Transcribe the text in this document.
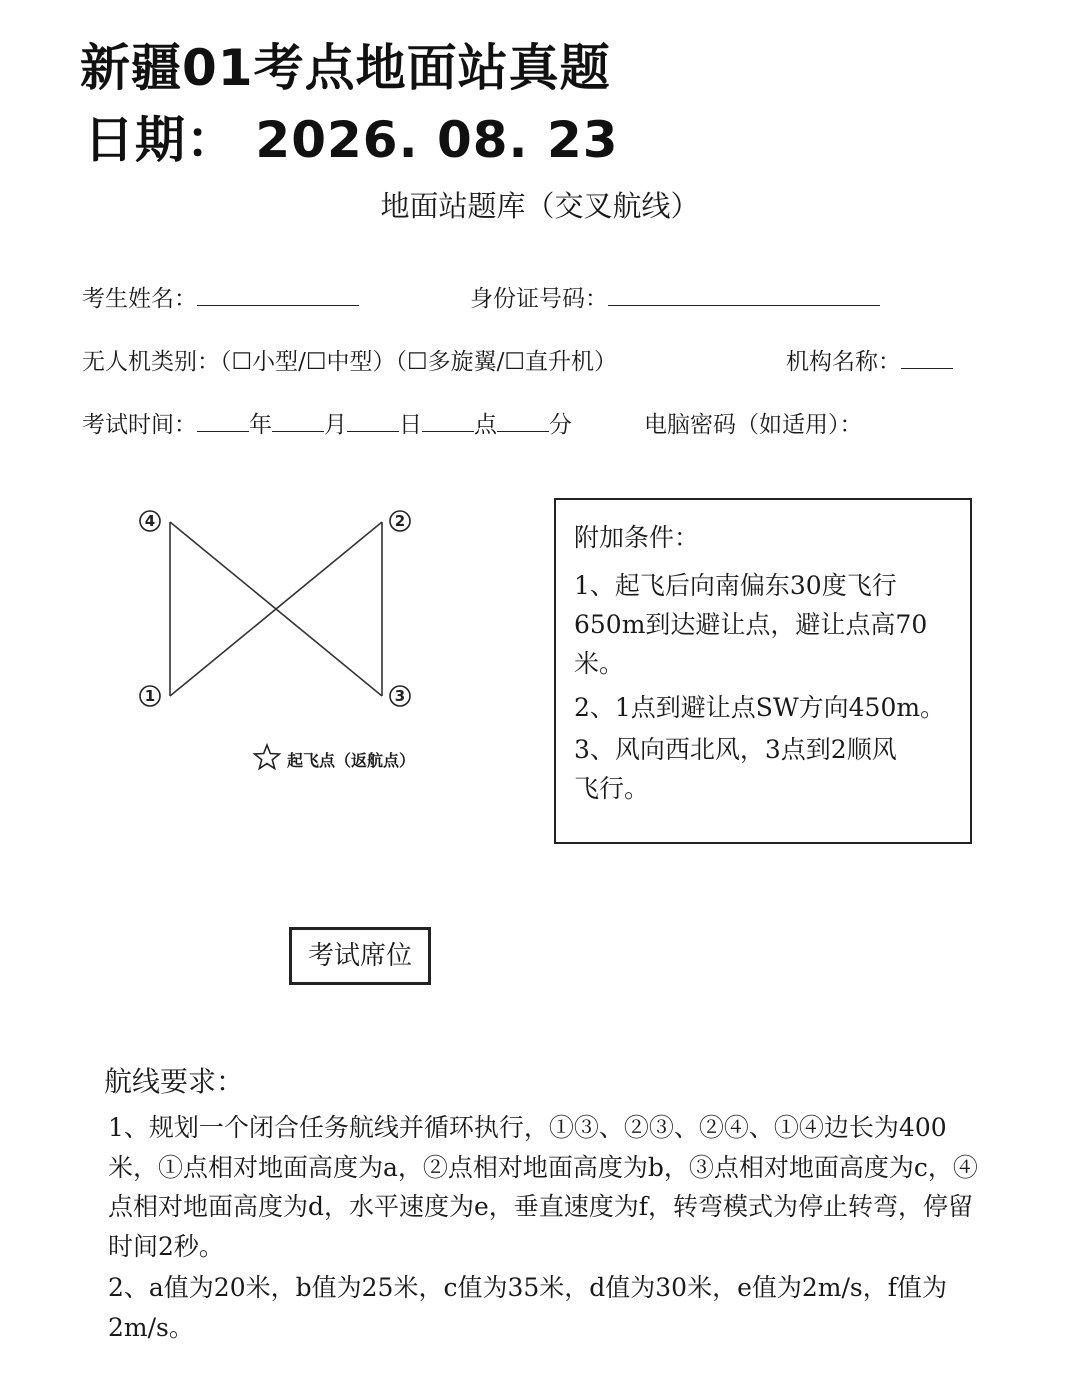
新疆01考点地面站真题
日期： 2026. 08. 23
地面站题库（交叉航线）
考生姓名：	身份证号码：
无人机类别：（☐小型/☐中型）（☐多旋翼/☐直升机）	机构名称：
考试时间： 年 月 日 点 分	电脑密码（如适用）：
4	2
1	3
起飞点（返航点）
附加条件：
1、起飞后向南偏东30度飞行
650m到达避让点，避让点高70
米。
2、1点到避让点SW方向450m。
3、风向西北风，3点到2顺风
飞行。
考试席位
航线要求：
1、规划一个闭合任务航线并循环执行，①③、②③、②④、①④边长为400米，①点相对地面高度为a，②点相对地面高度为b，③点相对地面高度为c，④点相对地面高度为d，水平速度为e，垂直速度为f，转弯模式为停止转弯，停留时间2秒。
2、a值为20米，b值为25米，c值为35米，d值为30米，e值为2m/s，f值为2m/s。
